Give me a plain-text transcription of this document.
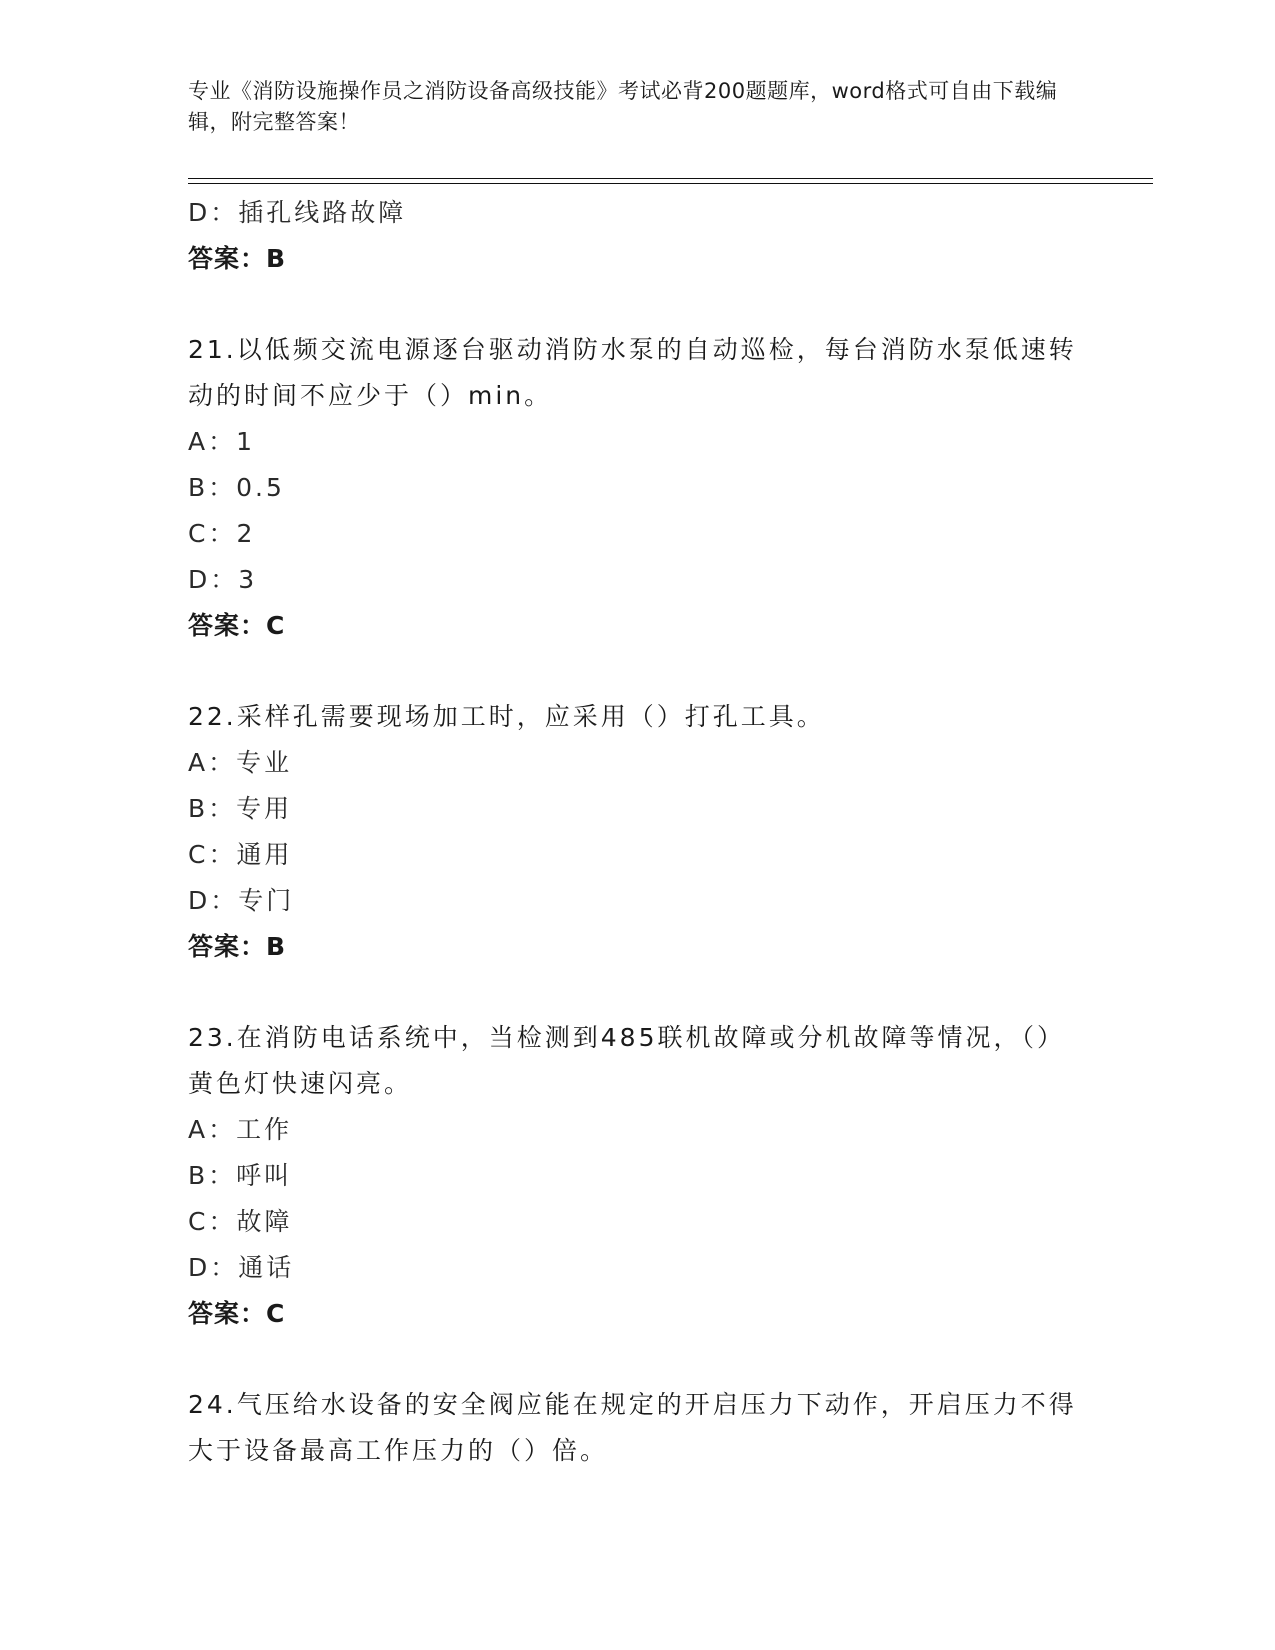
专业《消防设施操作员之消防设备高级技能》考试必背200题题库，word格式可自由下载编辑，附完整答案！
D：插孔线路故障
答案：B
21.以低频交流电源逐台驱动消防水泵的自动巡检，每台消防水泵低速转动的时间不应少于（）min。
A：1
B：0.5
C：2
D：3
答案：C
22.采样孔需要现场加工时，应采用（）打孔工具。
A：专业
B：专用
C：通用
D：专门
答案：B
23.在消防电话系统中，当检测到485联机故障或分机故障等情况，（）黄色灯快速闪亮。
A：工作
B：呼叫
C：故障
D：通话
答案：C
24.气压给水设备的安全阀应能在规定的开启压力下动作，开启压力不得大于设备最高工作压力的（）倍。
